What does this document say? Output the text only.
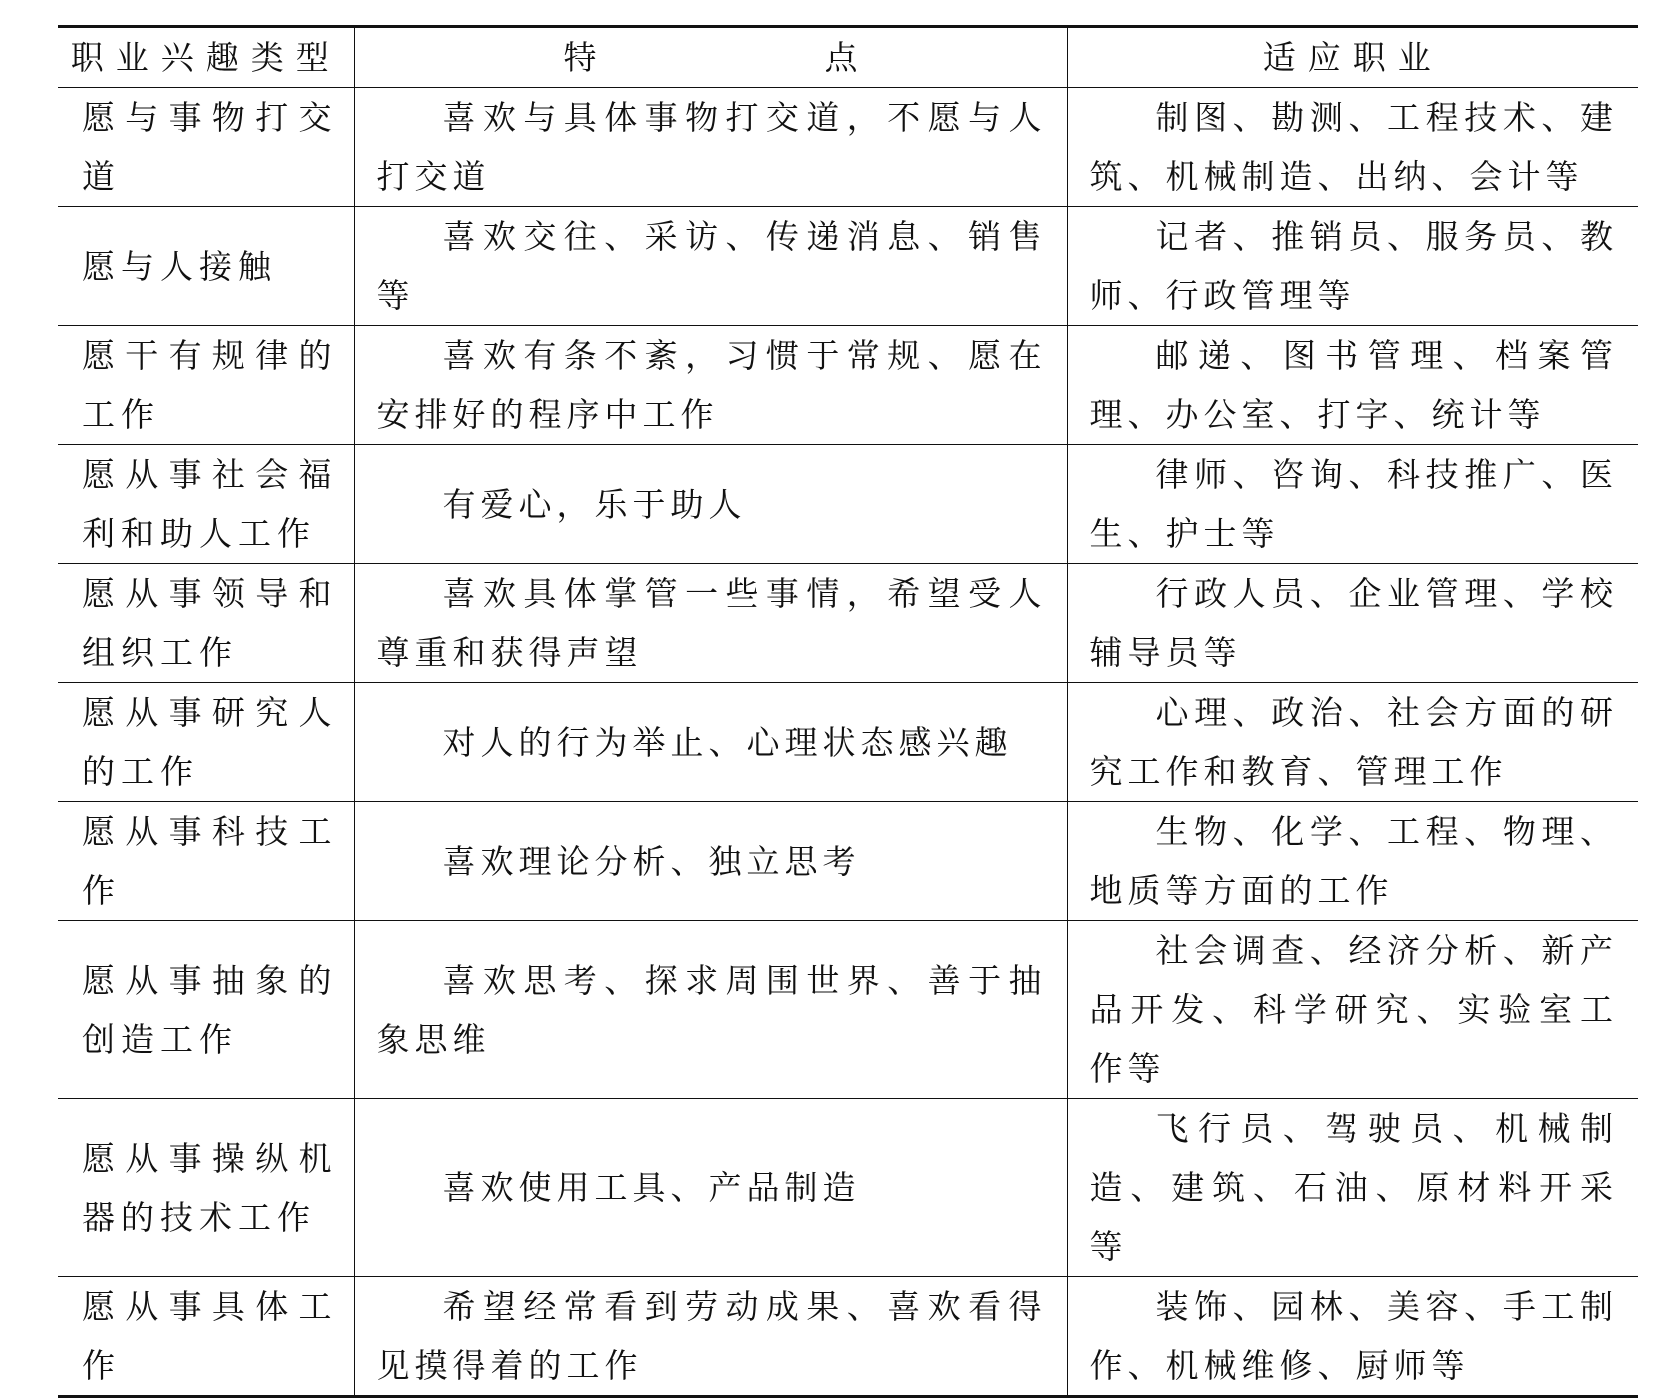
职业兴趣类型	特　　点	适应职业
愿与事物打交道	喜欢与具体事物打交道，不愿与人打交道	制图、勘测、工程技术、建筑、机械制造、出纳、会计等
愿与人接触	喜欢交往、采访、传递消息、销售等	记者、推销员、服务员、教师、行政管理等
愿干有规律的工作	喜欢有条不紊，习惯于常规、愿在安排好的程序中工作	邮递、图书管理、档案管理、办公室、打字、统计等
愿从事社会福利和助人工作	有爱心，乐于助人	律师、咨询、科技推广、医生、护士等
愿从事领导和组织工作	喜欢具体掌管一些事情，希望受人尊重和获得声望	行政人员、企业管理、学校辅导员等
愿从事研究人的工作	对人的行为举止、心理状态感兴趣	心理、政治、社会方面的研究工作和教育、管理工作
愿从事科技工作	喜欢理论分析、独立思考	生物、化学、工程、物理、地质等方面的工作
愿从事抽象的创造工作	喜欢思考、探求周围世界、善于抽象思维	社会调查、经济分析、新产品开发、科学研究、实验室工作等
愿从事操纵机器的技术工作	喜欢使用工具、产品制造	飞行员、驾驶员、机械制造、建筑、石油、原材料开采等
愿从事具体工作	希望经常看到劳动成果、喜欢看得见摸得着的工作	装饰、园林、美容、手工制作、机械维修、厨师等
